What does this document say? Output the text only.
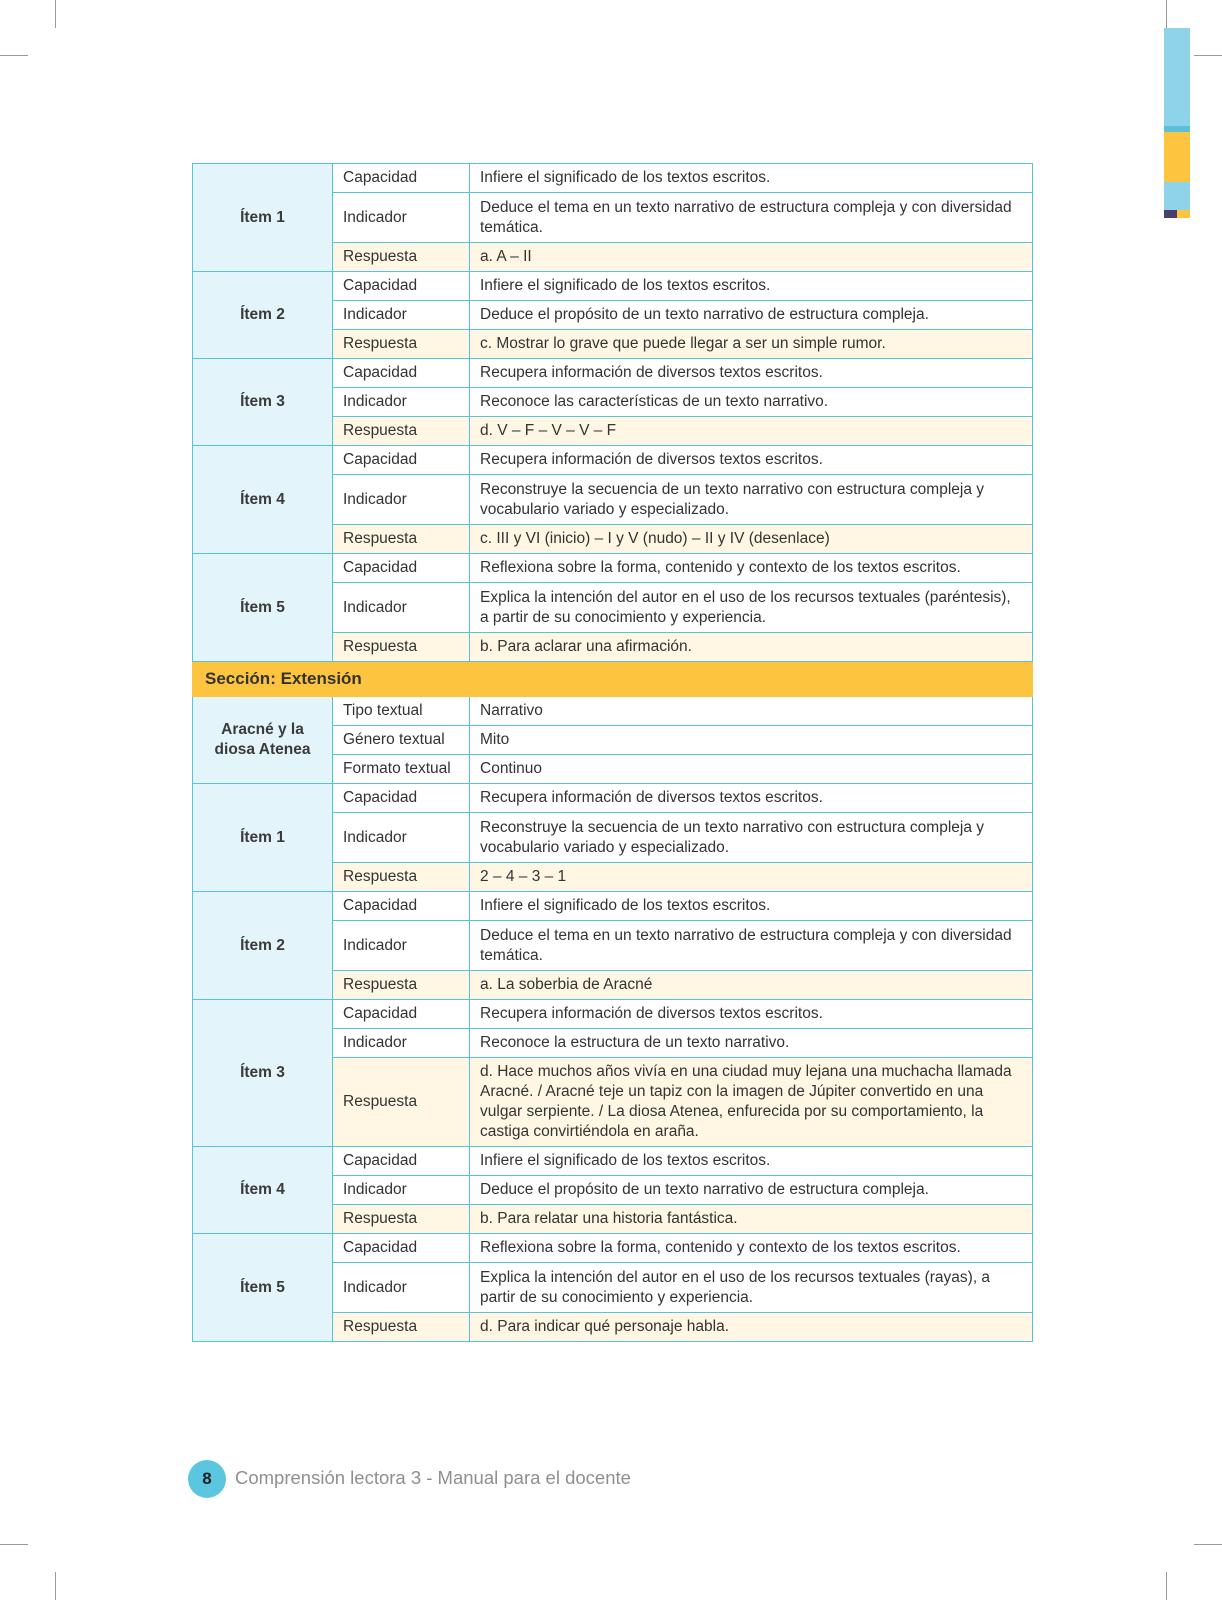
Ítem 1	Capacidad	Infiere el significado de los textos escritos.
	Indicador	Deduce el tema en un texto narrativo de estructura compleja y con diversidad temática.
	Respuesta	a. A – II
Ítem 2	Capacidad	Infiere el significado de los textos escritos.
	Indicador	Deduce el propósito de un texto narrativo de estructura compleja.
	Respuesta	c. Mostrar lo grave que puede llegar a ser un simple rumor.
Ítem 3	Capacidad	Recupera información de diversos textos escritos.
	Indicador	Reconoce las características de un texto narrativo.
	Respuesta	d. V – F – V – V – F
Ítem 4	Capacidad	Recupera información de diversos textos escritos.
	Indicador	Reconstruye la secuencia de un texto narrativo con estructura compleja y vocabulario variado y especializado.
	Respuesta	c. III y VI (inicio) – I y V (nudo) – II y IV (desenlace)
Ítem 5	Capacidad	Reflexiona sobre la forma, contenido y contexto de los textos escritos.
	Indicador	Explica la intención del autor en el uso de los recursos textuales (paréntesis), a partir de su conocimiento y experiencia.
	Respuesta	b. Para aclarar una afirmación.
Sección: Extensión		
Aracné y la diosa Atenea	Tipo textual	Narrativo
	Género textual	Mito
	Formato textual	Continuo
Ítem 1	Capacidad	Recupera información de diversos textos escritos.
	Indicador	Reconstruye la secuencia de un texto narrativo con estructura compleja y vocabulario variado y especializado.
	Respuesta	2 – 4 – 3 – 1
Ítem 2	Capacidad	Infiere el significado de los textos escritos.
	Indicador	Deduce el tema en un texto narrativo de estructura compleja y con diversidad temática.
	Respuesta	a. La soberbia de Aracné
Ítem 3	Capacidad	Recupera información de diversos textos escritos.
	Indicador	Reconoce la estructura de un texto narrativo.
	Respuesta	d. Hace muchos años vivía en una ciudad muy lejana una muchacha llamada Aracné. / Aracné teje un tapiz con la imagen de Júpiter convertido en una vulgar serpiente. / La diosa Atenea, enfurecida por su comportamiento, la castiga convirtiéndola en araña.
Ítem 4	Capacidad	Infiere el significado de los textos escritos.
	Indicador	Deduce el propósito de un texto narrativo de estructura compleja.
	Respuesta	b. Para relatar una historia fantástica.
Ítem 5	Capacidad	Reflexiona sobre la forma, contenido y contexto de los textos escritos.
	Indicador	Explica la intención del autor en el uso de los recursos textuales (rayas), a partir de su conocimiento y experiencia.
	Respuesta	d. Para indicar qué personaje habla.
8	Comprensión lectora 3 - Manual para el docente
